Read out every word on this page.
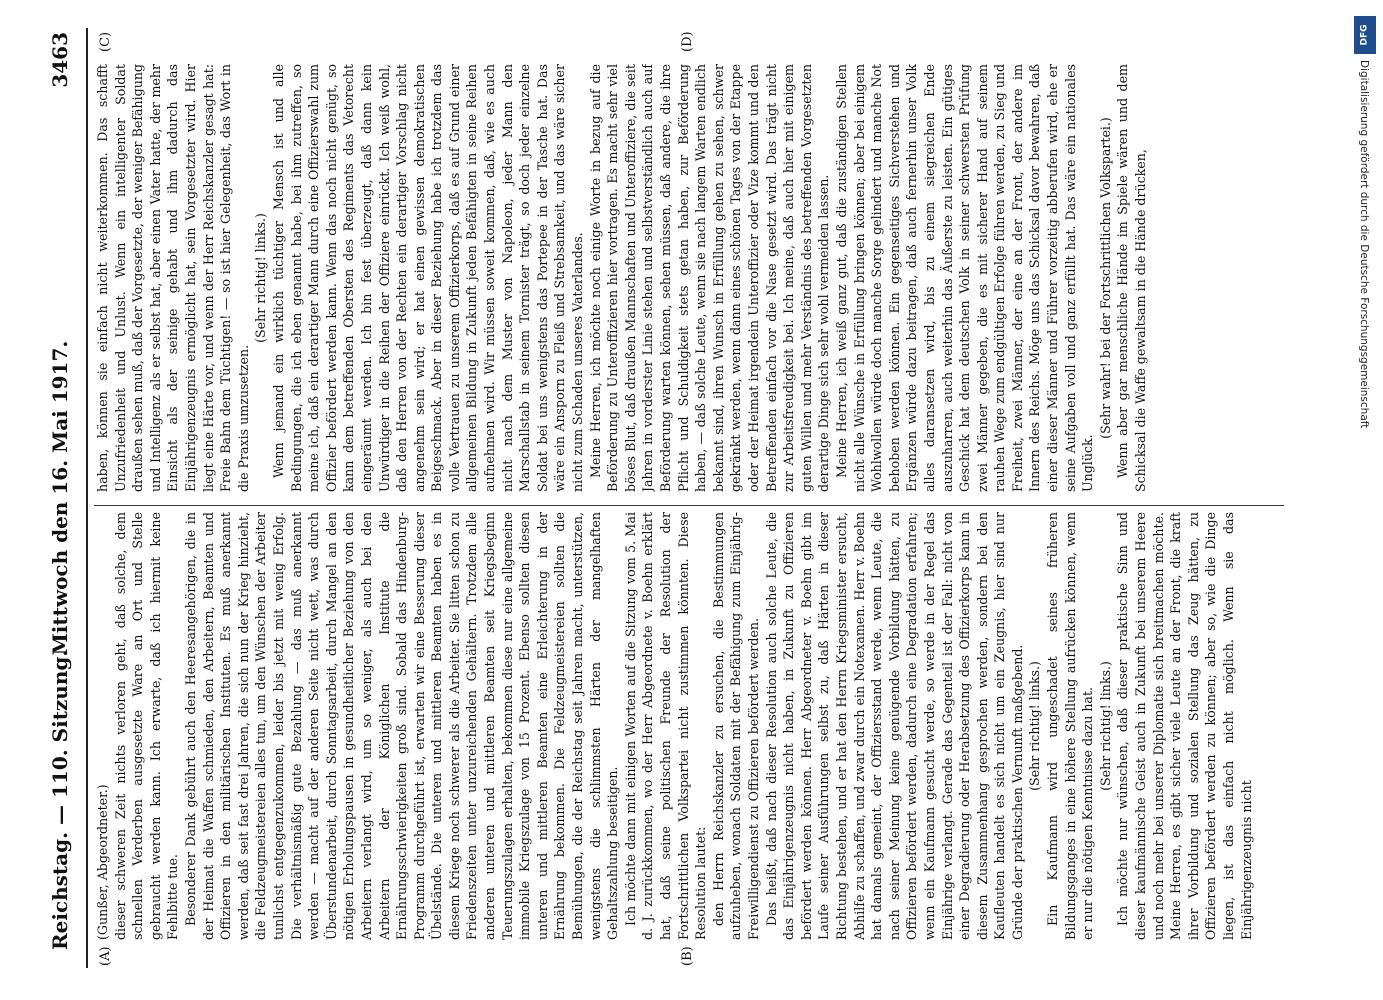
Reichstag. — 110. Sitzung.
Mittwoch den 16. Mai 1917.
3463
(A)	(B)
(C)	(D)

(Gunßer, Abgeordneter.) dieser schweren Zeit nichts verloren geht, daß solche, dem schnellen Verderben ausgesetzte Ware an Ort und Stelle gebraucht werden kann. Ich erwarte, daß ich hiermit keine Fehlbitte tue. Besonderer Dank gebührt auch den Heeresangehörigen, die in der Heimat die Waffen schmieden, den Arbeitern, Beamten und Offizieren in den militärischen Instituten. Es muß anerkannt werden, daß seit fast drei Jahren, die sich nun der Krieg hinzieht, die Feldzeugmeistereien alles tun, um den Wünschen der Arbeiter tunlichst entgegenzukommen, leider bis jetzt mit wenig Erfolg. Die verhältnismäßig gute Bezahlung — das muß anerkannt werden — macht auf der anderen Seite nicht wett, was durch Überstundenarbeit, durch Sonntagsarbeit, durch Mangel an den nötigen Erholungspausen in gesundheitlicher Beziehung von den Arbeitern verlangt wird, um so weniger, als auch bei den Arbeitern der Königlichen Institute die Ernährungsschwierigkeiten groß sind. Sobald das Hindenburg-Programm durchgeführt ist, erwarten wir eine Besserung dieser Übelstände. Die unteren und mittleren Beamten haben es in diesem Kriege noch schwerer als die Arbeiter. Sie litten schon zu Friedenszeiten unter unzureichenden Gehältern. Trotzdem alle anderen unteren und mittleren Beamten seit Kriegsbeginn Teuerungszulagen erhalten, bekommen diese nur eine allgemeine immobile Kriegszulage von 15 Prozent. Ebenso sollten diesen unteren und mittleren Beamten eine Erleichterung in der Ernährung bekommen. Die Feldzeugmeistereien sollten die Bemühungen, die der Reichstag seit Jahren macht, unterstützen, wenigstens die schlimmsten Härten der mangelhaften Gehaltszahlung beseitigen. Ich möchte dann mit einigen Worten auf die Sitzung vom 5. Mai d. J. zurückkommen, wo der Herr Abgeordnete v. Boehn erklärt hat, daß seine politischen Freunde der Resolution der Fortschrittlichen Volkspartei nicht zustimmen könnten. Diese Resolution lautet: den Herrn Reichskanzler zu ersuchen, die Bestimmungen aufzuheben, wonach Soldaten mit der Befähigung zum Einjährig-Freiwilligendienst zu Offizieren befördert werden. Das heißt, daß nach dieser Resolution auch solche Leute, die das Einjährigenzeugnis nicht haben, in Zukunft zu Offizieren befördert werden können. Herr Abgeordneter v. Boehn gibt im Laufe seiner Ausführungen selbst zu, daß Härten in dieser Richtung bestehen, und er hat den Herrn Kriegsminister ersucht, Abhilfe zu schaffen, und zwar durch ein Notexamen. Herr v. Boehn hat damals gemeint, der Offiziersstand werde, wenn Leute, die nach seiner Meinung keine genügende Vorbildung hätten, zu Offizieren befördert werden, dadurch eine Degradation erfahren; wenn ein Kaufmann gesucht werde, so werde in der Regel das Einjährige verlangt. Gerade das Gegenteil ist der Fall: nicht von einer Degradierung oder Herabsetzung des Offizierkorps kann in diesem Zusammenhang gesprochen werden, sondern bei den Kaufleuten handelt es sich nicht um ein Zeugnis, hier sind nur Gründe der praktischen Vernunft maßgebend. (Sehr richtig! links.) Ein Kaufmann wird ungeschadet seines früheren Bildungsganges in eine höhere Stellung aufrücken können, wenn er nur die nötigen Kenntnisse dazu hat. (Sehr richtig! links.) Ich möchte nur wünschen, daß dieser praktische Sinn und dieser kaufmännische Geist auch in Zukunft bei unserem Heere und noch mehr bei unserer Diplomatie sich breitmachen möchte. Meine Herren, es gibt sicher viele Leute an der Front, die kraft ihrer Vorbildung und sozialen Stellung das Zeug hätten, zu Offizieren befördert werden zu können; aber so, wie die Dinge liegen, ist das einfach nicht möglich. Wenn sie das Einjährigenzeugnis nicht

haben, können sie einfach nicht weiterkommen. Das schafft Unzufriedenheit und Unlust. Wenn ein intelligenter Soldat draußen sehen muß, daß der Vorgesetzte, der weniger Befähigung und Intelligenz als er selbst hat, aber einen Vater hatte, der mehr Einsicht als der seinige gehabt und ihm dadurch das Einjährigenzeugnis ermöglicht hat, sein Vorgesetzter wird. Hier liegt eine Härte vor, und wenn der Herr Reichskanzler gesagt hat: Freie Bahn dem Tüchtigen! — so ist hier Gelegenheit, das Wort in die Praxis umzusetzen.

(Sehr richtig! links.) Wenn jemand ein wirklich tüchtiger Mensch ist und alle Bedingungen, die ich eben genannt habe, bei ihm zutreffen, so meine ich, daß ein derartiger Mann durch eine Offizierswahl zum Offizier befördert werden kann. Wenn das noch nicht genügt, so kann dem betreffenden Obersten des Regiments das Vetorecht eingeräumt werden. Ich bin fest überzeugt, daß dann kein Unwürdiger in die Reihen der Offiziere einrückt. Ich weiß wohl, daß den Herren von der Rechten ein derartiger Vorschlag nicht angenehm sein wird; er hat einen gewissen demokratischen Beigeschmack. Aber in dieser Beziehung habe ich trotzdem das volle Vertrauen zu unserem Offizierkorps, daß es auf Grund einer allgemeinen Bildung in Zukunft jeden Befähigten in seine Reihen aufnehmen wird. Wir müssen soweit kommen, daß, wie es auch nicht nach dem Muster von Napoleon, jeder Mann den Marschallstab in seinem Tornister trägt, so doch jeder einzelne Soldat bei uns wenigstens das Portepee in der Tasche hat. Das wäre ein Ansporn zu Fleiß und Strebsamkeit, und das wäre sicher nicht zum Schaden unseres Vaterlandes. Meine Herren, ich möchte noch einige Worte in bezug auf die Beförderung zu Unteroffizieren hier vortragen. Es macht sehr viel böses Blut, daß draußen Mannschaften und Unteroffiziere, die seit Jahren in vorderster Linie stehen und selbstverständlich auch auf Beförderung warten können, sehen müssen, daß andere, die ihre Pflicht und Schuldigkeit stets getan haben, zur Beförderung haben, — daß solche Leute, wenn sie nach langem Warten endlich bekannt sind, ihren Wunsch in Erfüllung gehen zu sehen, schwer gekränkt werden, wenn dann eines schönen Tages von der Etappe oder der Heimat irgendein Unteroffizier oder Vize kommt und den Betreffenden einfach vor die Nase gesetzt wird. Das trägt nicht zur Arbeitsfreudigkeit bei. Ich meine, daß auch hier mit einigem guten Willen und mehr Verständnis des betreffenden Vorgesetzten derartige Dinge sich sehr wohl vermeiden lassen. Meine Herren, ich weiß ganz gut, daß die zuständigen Stellen nicht alle Wünsche in Erfüllung bringen können; aber bei einigem Wohlwollen würde doch manche Sorge gelindert und manche Not behoben werden können. Ein gegenseitiges Sichverstehen und Ergänzen würde dazu beitragen, daß auch fernerhin unser Volk alles daransetzen wird, bis zu einem siegreichen Ende auszuharren, auch weiterhin das Äußerste zu leisten. Ein gütiges Geschick hat dem deutschen Volk in seiner schwersten Prüfung zwei Männer gegeben, die es mit sicherer Hand auf seinem rauhen Wege zum endgültigen Erfolge führen werden, zu Sieg und Freiheit, zwei Männer, der eine an der Front, der andere im Innern des Reichs. Möge uns das Schicksal davor bewahren, daß einer dieser Männer und Führer vorzeitig abberufen wird, ehe er seine Aufgaben voll und ganz erfüllt hat. Das wäre ein nationales Unglück.

(Sehr wahr! bei der Fortschrittlichen Volkspartei.) Wenn aber gar menschliche Hände im Spiele wären und dem Schicksal die Waffe gewaltsam in die Hände drücken,

DFG
Digitalisierung gefördert durch die Deutsche Forschungsgemeinschaft
